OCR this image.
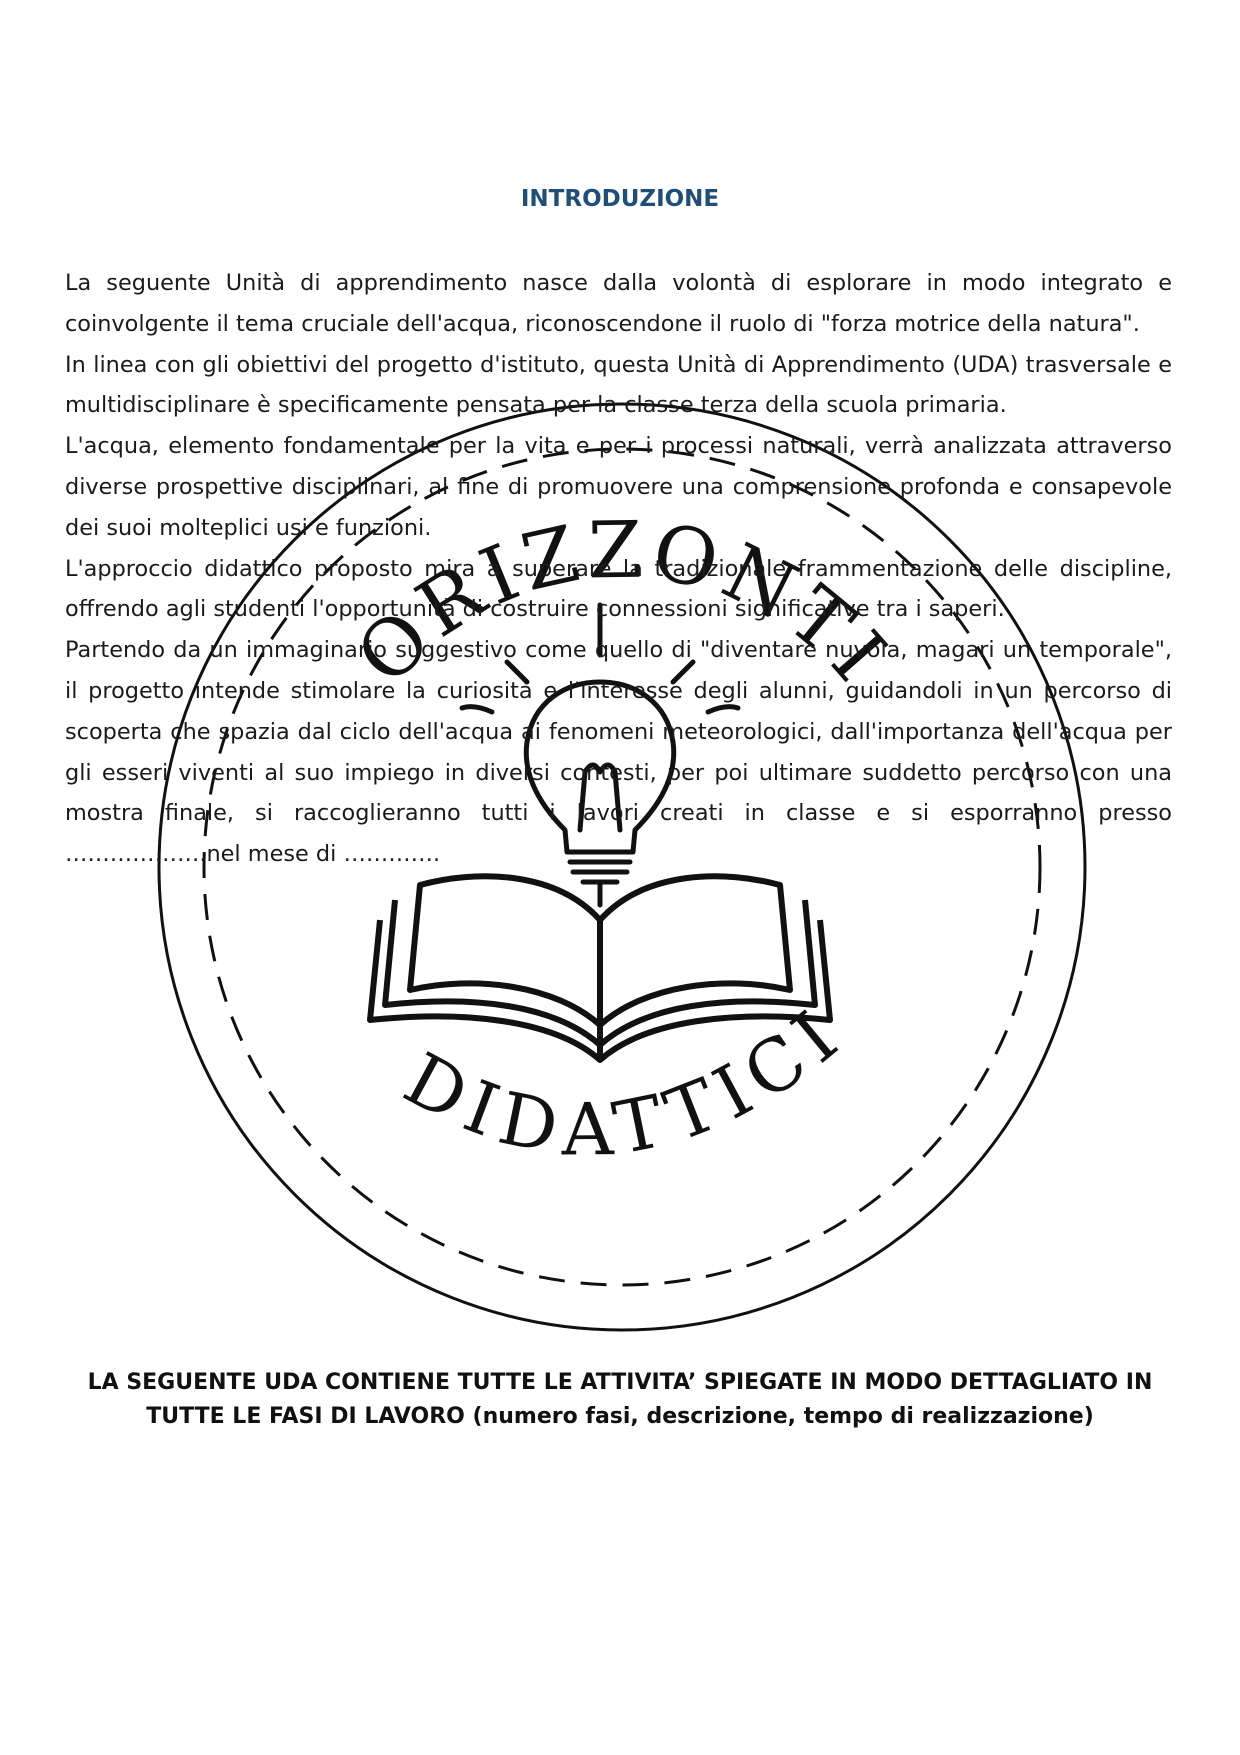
ORIZZONTI
DIDATTICI
INTRODUZIONE

La seguente Unità di apprendimento nasce dalla volontà di esplorare in modo integrato e coinvolgente il tema cruciale dell'acqua, riconoscendone il ruolo di "forza motrice della natura".

In linea con gli obiettivi del progetto d'istituto, questa Unità di Apprendimento (UDA) trasversale e multidisciplinare è specificamente pensata per la classe terza della scuola primaria.

L'acqua, elemento fondamentale per la vita e per i processi naturali, verrà analizzata attraverso diverse prospettive disciplinari, al fine di promuovere una comprensione profonda e consapevole dei suoi molteplici usi e funzioni.

L'approccio didattico proposto mira a superare la tradizionale frammentazione delle discipline, offrendo agli studenti l'opportunità di costruire connessioni significative tra i saperi.

Partendo da un immaginario suggestivo come quello di "diventare nuvola, magari un temporale", il progetto intende stimolare la curiosità e l'interesse degli alunni, guidandoli in un percorso di scoperta che spazia dal ciclo dell'acqua ai fenomeni meteorologici, dall'importanza dell'acqua per gli esseri viventi al suo impiego in diversi contesti, per poi ultimare suddetto percorso con una mostra finale, si raccoglieranno tutti i lavori creati in classe e si esporranno presso ……………….nel mese di ………….

LA SEGUENTE UDA CONTIENE TUTTE LE ATTIVITA’ SPIEGATE IN MODO DETTAGLIATO IN
TUTTE LE FASI DI LAVORO (numero fasi, descrizione, tempo di realizzazione)
